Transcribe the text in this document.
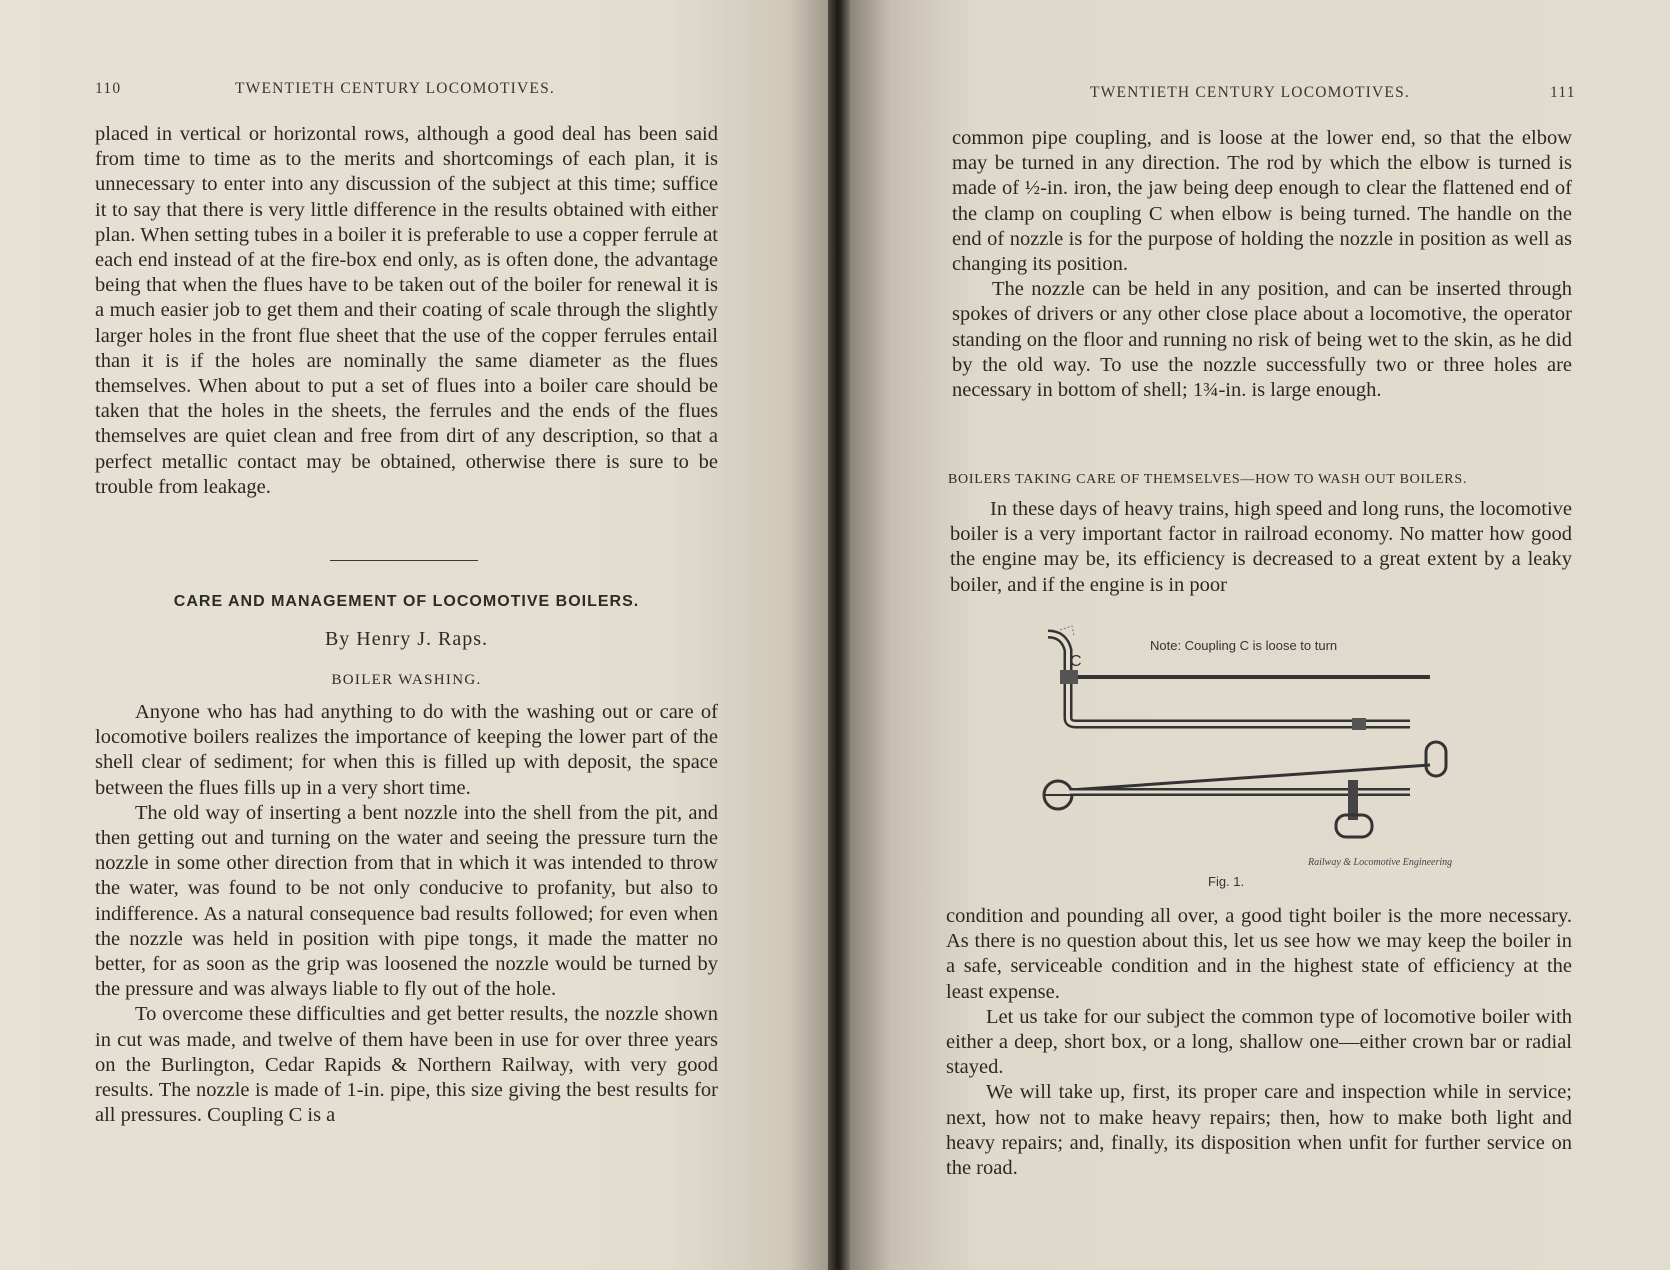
110	TWENTIETH CENTURY LOCOMOTIVES.

placed in vertical or horizontal rows, although a good deal has been said from time to time as to the merits and shortcomings of each plan, it is unnecessary to enter into any discussion of the subject at this time; suffice it to say that there is very little difference in the results obtained with either plan. When setting tubes in a boiler it is preferable to use a copper ferrule at each end instead of at the fire-box end only, as is often done, the advantage being that when the flues have to be taken out of the boiler for renewal it is a much easier job to get them and their coating of scale through the slightly larger holes in the front flue sheet that the use of the copper ferrules entail than it is if the holes are nominally the same diameter as the flues themselves. When about to put a set of flues into a boiler care should be taken that the holes in the sheets, the ferrules and the ends of the flues themselves are quiet clean and free from dirt of any description, so that a perfect metallic contact may be obtained, otherwise there is sure to be trouble from leakage.

CARE AND MANAGEMENT OF LOCOMOTIVE BOILERS.
By Henry J. Raps.
BOILER WASHING.

Anyone who has had anything to do with the washing out or care of locomotive boilers realizes the importance of keeping the lower part of the shell clear of sediment; for when this is filled up with deposit, the space between the flues fills up in a very short time.

The old way of inserting a bent nozzle into the shell from the pit, and then getting out and turning on the water and seeing the pressure turn the nozzle in some other direction from that in which it was intended to throw the water, was found to be not only conducive to profanity, but also to indifference. As a natural consequence bad results followed; for even when the nozzle was held in position with pipe tongs, it made the matter no better, for as soon as the grip was loosened the nozzle would be turned by the pressure and was always liable to fly out of the hole.

To overcome these difficulties and get better results, the nozzle shown in cut was made, and twelve of them have been in use for over three years on the Burlington, Cedar Rapids & Northern Railway, with very good results. The nozzle is made of 1-in. pipe, this size giving the best results for all pressures. Coupling C is a

TWENTIETH CENTURY LOCOMOTIVES.	111

common pipe coupling, and is loose at the lower end, so that the elbow may be turned in any direction. The rod by which the elbow is turned is made of ½-in. iron, the jaw being deep enough to clear the flattened end of the clamp on coupling C when elbow is being turned. The handle on the end of nozzle is for the purpose of holding the nozzle in position as well as changing its position.

The nozzle can be held in any position, and can be inserted through spokes of drivers or any other close place about a locomotive, the operator standing on the floor and running no risk of being wet to the skin, as he did by the old way. To use the nozzle successfully two or three holes are necessary in bottom of shell; 1¾-in. is large enough.

BOILERS TAKING CARE OF THEMSELVES—HOW TO WASH OUT BOILERS.

In these days of heavy trains, high speed and long runs, the locomotive boiler is a very important factor in railroad economy. No matter how good the engine may be, its efficiency is decreased to a great extent by a leaky boiler, and if the engine is in poor

C
Note: Coupling C is loose to turn
Railway & Locomotive Engineering
Fig. 1.

condition and pounding all over, a good tight boiler is the more necessary. As there is no question about this, let us see how we may keep the boiler in a safe, serviceable condition and in the highest state of efficiency at the least expense.

Let us take for our subject the common type of locomotive boiler with either a deep, short box, or a long, shallow one—either crown bar or radial stayed.

We will take up, first, its proper care and inspection while in service; next, how not to make heavy repairs; then, how to make both light and heavy repairs; and, finally, its disposition when unfit for further service on the road.
